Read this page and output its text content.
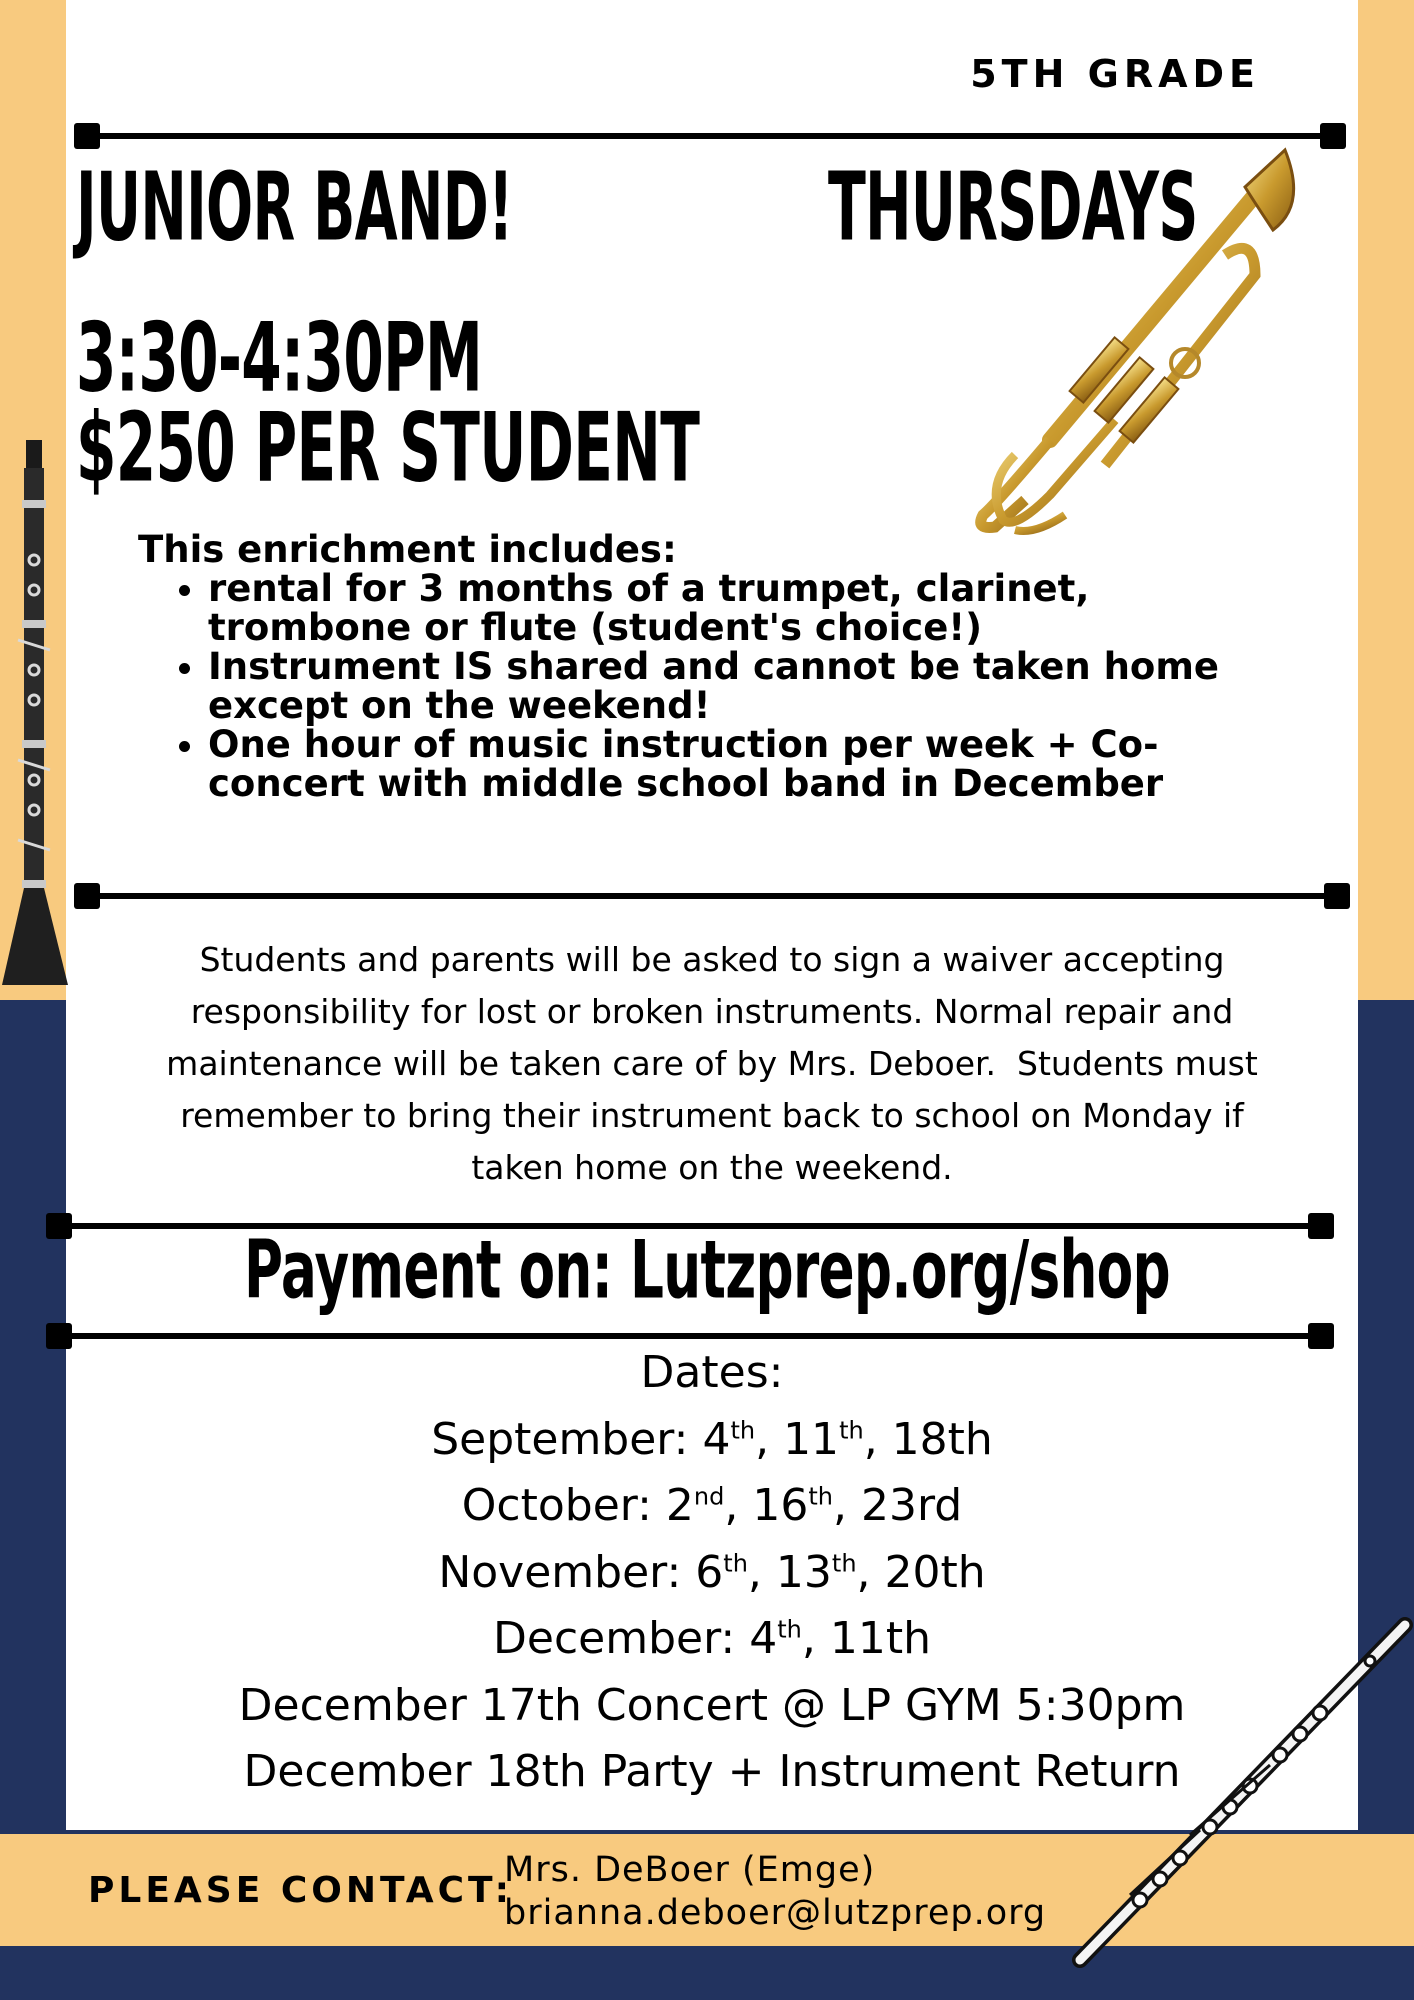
5TH GRADE
JUNIOR BAND!	THURSDAYS
3:30-4:30PM
$250 PER STUDENT
This enrichment includes:
• rental for 3 months of a trumpet, clarinet, trombone or flute (student's choice!)
• Instrument IS shared and cannot be taken home except on the weekend!
• One hour of music instruction per week + Co-concert with middle school band in December
Students and parents will be asked to sign a waiver accepting
responsibility for lost or broken instruments. Normal repair and
maintenance will be taken care of by Mrs. Deboer.  Students must
remember to bring their instrument back to school on Monday if
taken home on the weekend.
Payment on: Lutzprep.org/shop
Dates:
September: 4th, 11th, 18th
October: 2nd, 16th, 23rd
November: 6th, 13th, 20th
December: 4th, 11th
December 17th Concert @ LP GYM 5:30pm
December 18th Party + Instrument Return
PLEASE CONTACT:
Mrs. DeBoer (Emge)
brianna.deboer@lutzprep.org
